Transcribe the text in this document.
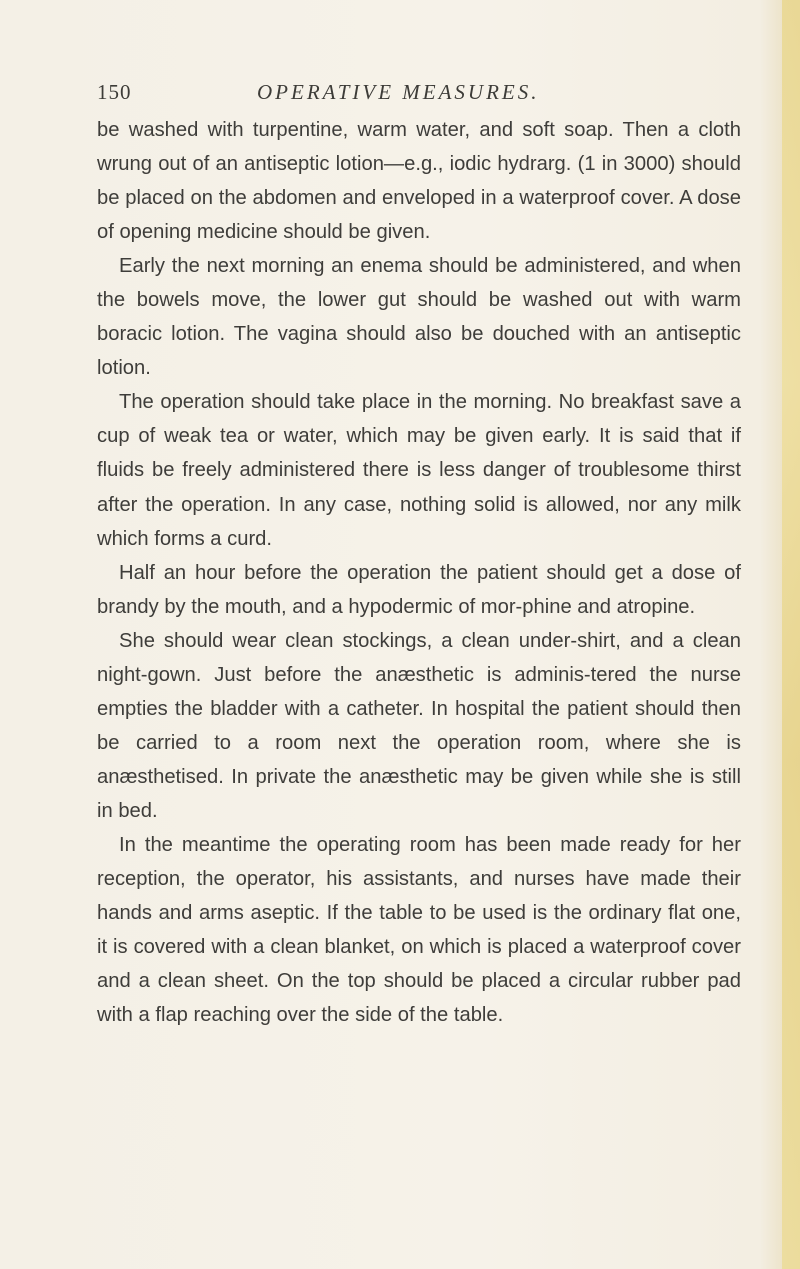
150	OPERATIVE MEASURES.

be washed with turpentine, warm water, and soft soap. Then a cloth wrung out of an antiseptic lotion—e.g., iodic hydrarg. (1 in 3000) should be placed on the abdomen and enveloped in a waterproof cover. A dose of opening medicine should be given.

Early the next morning an enema should be administered, and when the bowels move, the lower gut should be washed out with warm boracic lotion. The vagina should also be douched with an antiseptic lotion.

The operation should take place in the morning. No breakfast save a cup of weak tea or water, which may be given early. It is said that if fluids be freely administered there is less danger of troublesome thirst after the operation. In any case, nothing solid is allowed, nor any milk which forms a curd.

Half an hour before the operation the patient should get a dose of brandy by the mouth, and a hypodermic of mor-phine and atropine.

She should wear clean stockings, a clean under-shirt, and a clean night-gown. Just before the anæsthetic is adminis-tered the nurse empties the bladder with a catheter. In hospital the patient should then be carried to a room next the operation room, where she is anæsthetised. In private the anæsthetic may be given while she is still in bed.

In the meantime the operating room has been made ready for her reception, the operator, his assistants, and nurses have made their hands and arms aseptic. If the table to be used is the ordinary flat one, it is covered with a clean blanket, on which is placed a waterproof cover and a clean sheet. On the top should be placed a circular rubber pad with a flap reaching over the side of the table.
